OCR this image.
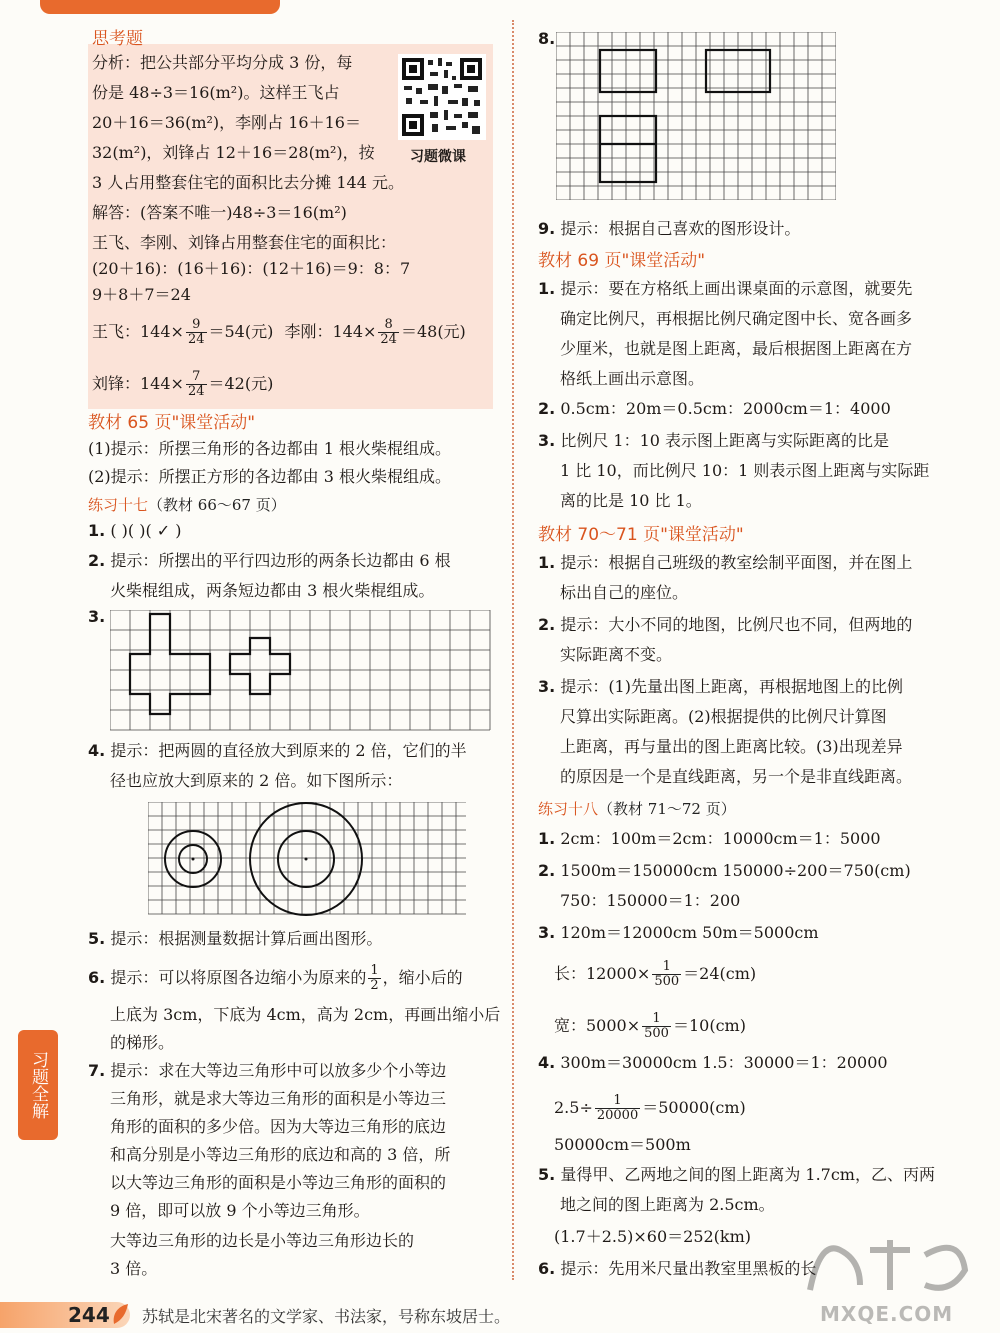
思考题
分析：把公共部分平均分成 3 份，每
份是 48÷3＝16(m²)。这样王飞占
20＋16＝36(m²)，李刚占 16＋16＝
32(m²)，刘锋占 12＋16＝28(m²)，按
3 人占用整套住宅的面积比去分摊 144 元。
解答：(答案不唯一)48÷3＝16(m²)
王飞、李刚、刘锋占用整套住宅的面积比：
(20＋16)：(16＋16)：(12＋16)＝9：8：7
9＋8＋7＝24
王飞：$144\times \frac{9}{24} =54$(元) 李刚：$144\times \frac{8}{24} =48$(元)
刘锋：$144\times \frac{7}{24} =42$(元)
习题微课
教材 65 页"课堂活动"
(1)提示：所摆三角形的各边都由 1 根火柴棍组成。
(2)提示：所摆正方形的各边都由 3 根火柴棍组成。
练习十七（教材 66～67 页）
1. ( )( )( ✓ )
2. 提示：所摆出的平行四边形的两条长边都由 6 根
火柴棍组成，两条短边都由 3 根火柴棍组成。
3.
4. 提示：把两圆的直径放大到原来的 2 倍，它们的半
径也应放大到原来的 2 倍。如下图所示：
5. 提示：根据测量数据计算后画出图形。
6. 提示：可以将原图各边缩小为原来的 $\frac{1}{2}$ ，缩小后的
上底为 3cm，下底为 4cm，高为 2cm，再画出缩小后
的梯形。
7. 提示：求在大等边三角形中可以放多少个小等边
三角形，就是求大等边三角形的面积是小等边三
角形的面积的多少倍。因为大等边三角形的底边
和高分别是小等边三角形的底边和高的 3 倍，所
以大等边三角形的面积是小等边三角形的面积的
9 倍，即可以放 9 个小等边三角形。
大等边三角形的边长是小等边三角形边长的
3 倍。
习题全解
8.
9. 提示：根据自己喜欢的图形设计。
教材 69 页"课堂活动"
1. 提示：要在方格纸上画出课桌面的示意图，就要先
确定比例尺，再根据比例尺确定图中长、宽各画多
少厘米，也就是图上距离，最后根据图上距离在方
格纸上画出示意图。
2. 0.5cm：20m＝0.5cm：2000cm＝1：4000
3. 比例尺 1：10 表示图上距离与实际距离的比是
1 比 10，而比例尺 10：1 则表示图上距离与实际距
离的比是 10 比 1。
教材 70～71 页"课堂活动"
1. 提示：根据自己班级的教室绘制平面图，并在图上
标出自己的座位。
2. 提示：大小不同的地图，比例尺也不同，但两地的
实际距离不变。
3. 提示：(1)先量出图上距离，再根据地图上的比例
尺算出实际距离。(2)根据提供的比例尺计算图
上距离，再与量出的图上距离比较。(3)出现差异
的原因是一个是直线距离，另一个是非直线距离。
练习十八（教材 71～72 页）
1. 2cm：100m＝2cm：10000cm＝1：5000
2. 1500m＝150000cm 150000÷200＝750(cm)
750：150000＝1：200
3. 120m＝12000cm 50m＝5000cm
长：$12000\times \frac{1}{500} =24(cm)$
宽：$5000\times \frac{1}{500} =10(cm)$
4. 300m＝30000cm 1.5：30000＝1：20000
$2.5\div \frac{1}{20000} =50000(cm)$
50000cm＝500m
5. 量得甲、乙两地之间的图上距离为 1.7cm，乙、丙两
地之间的图上距离为 2.5cm。
(1.7＋2.5)×60＝252(km)
6. 提示：先用米尺量出教室里黑板的长
244 苏轼是北宋著名的文学家、书法家，号称东坡居士。	MXQE.COM
